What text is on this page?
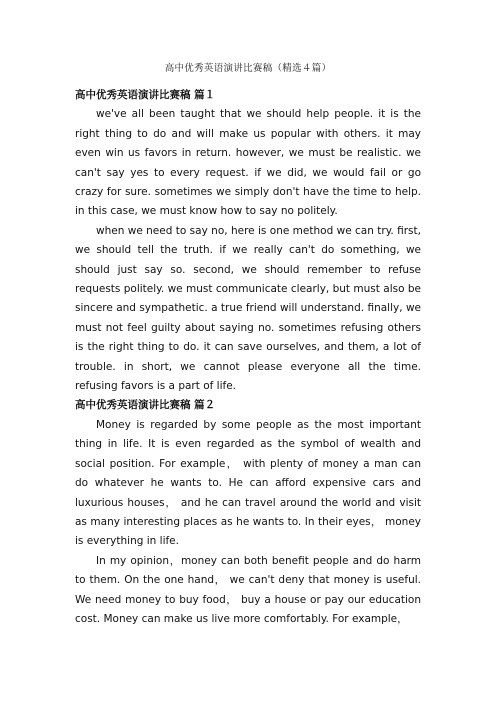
高中优秀英语演讲比赛稿（精选４篇）
高中优秀英语演讲比赛稿 篇１

we've all been taught that we should help people. it is the right thing to do and will make us popular with others. it may even win us favors in return. however, we must be realistic. we can't say yes to every request. if we did, we would fail or go crazy for sure. sometimes we simply don't have the time to help. in this case, we must know how to say no politely.

when we need to say no, here is one method we can try. first, we should tell the truth. if we really can't do something, we should just say so. second, we should remember to refuse requests politely. we must communicate clearly, but must also be sincere and sympathetic. a true friend will understand. finally, we must not feel guilty about saying no. sometimes refusing others is the right thing to do. it can save ourselves, and them, a lot of trouble. in short, we cannot please everyone all the time. refusing favors is a part of life.

高中优秀英语演讲比赛稿 篇２

Money is regarded by some people as the most important thing in life. It is even regarded as the symbol of wealth and social position. For example， with plenty of money a man can do whatever he wants to. He can afford expensive cars and luxurious houses， and he can travel around the world and visit as many interesting places as he wants to. In their eyes， money is everything in life.

In my opinion，money can both benefit people and do harm to them. On the one hand， we can't deny that money is useful. We need money to buy food， buy a house or pay our education cost. Money can make us live more comfortably. For example，
